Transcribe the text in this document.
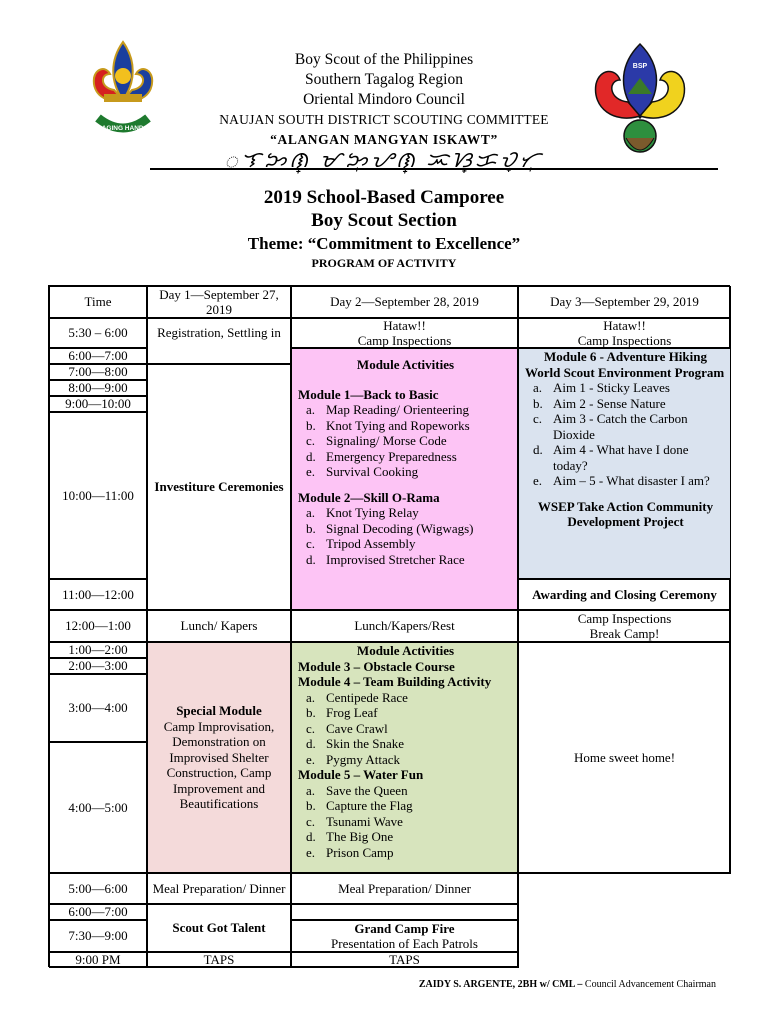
LAGING HANDA
BSP
Boy Scout of the Philippines
Southern Tagalog Region
Oriental Mindoro Council
NAUJAN SOUTH DISTRICT SCOUTING COMMITTEE
“ALANGAN MANGYAN ISKAWT”
ᜀᜎᜅᜈ᜔ ᜋᜅ᜔ᜌᜈ᜔ ᜁᜐ᜔ᜃᜏ᜔ᜆ᜔
2019 School-Based Camporee
Boy Scout Section
Theme: “Commitment to Excellence”
PROGRAM OF ACTIVITY
Time
Day 1—September 27, 2019
Day 2—September 28, 2019	Day 3—September 29, 2019
5:30 – 6:00
6:00—7:00
7:00—8:00
8:00—9:00
9:00—10:00
10:00—11:00
11:00—12:00
12:00—1:00
1:00—2:00
2:00—3:00
3:00—4:00
4:00—5:00
5:00—6:00
6:00—7:00
7:30—9:00
9:00 PM
Registration, Settling in
Investiture Ceremonies
Lunch/ Kapers
Special Module
Camp Improvisation, Demonstration on Improvised Shelter Construction, Camp Improvement and Beautifications
Meal Preparation/ Dinner
Scout Got Talent
TAPS
Hataw!!
Camp Inspections
Module Activities
Module 1—Back to Basic
a. Map Reading/ Orienteering
b. Knot Tying and Ropeworks
c. Signaling/ Morse Code
d. Emergency Preparedness
e. Survival Cooking
Module 2—Skill O-Rama
a. Knot Tying Relay
b. Signal Decoding (Wigwags)
c. Tripod Assembly
d. Improvised Stretcher Race
Lunch/Kapers/Rest
Module Activities
Module 3 – Obstacle Course
Module 4 – Team Building Activity
a. Centipede Race
b. Frog Leaf
c. Cave Crawl
d. Skin the Snake
e. Pygmy Attack
Module 5 – Water Fun
a. Save the Queen
b. Capture the Flag
c. Tsunami Wave
d. The Big One
e. Prison Camp
Meal Preparation/ Dinner
Grand Camp Fire
Presentation of Each Patrols
TAPS
Hataw!!
Camp Inspections
Module 6 - Adventure Hiking
World Scout Environment Program
a. Aim 1 - Sticky Leaves
b. Aim 2 - Sense Nature
c. Aim 3 - Catch the Carbon Dioxide
d. Aim 4 - What have I done today?
e. Aim – 5 - What disaster I am?
WSEP Take Action Community Development Project
Awarding and Closing Ceremony
Camp Inspections
Break Camp!
Home sweet home!
ZAIDY S. ARGENTE, 2BH w/ CML – Council Advancement Chairman
